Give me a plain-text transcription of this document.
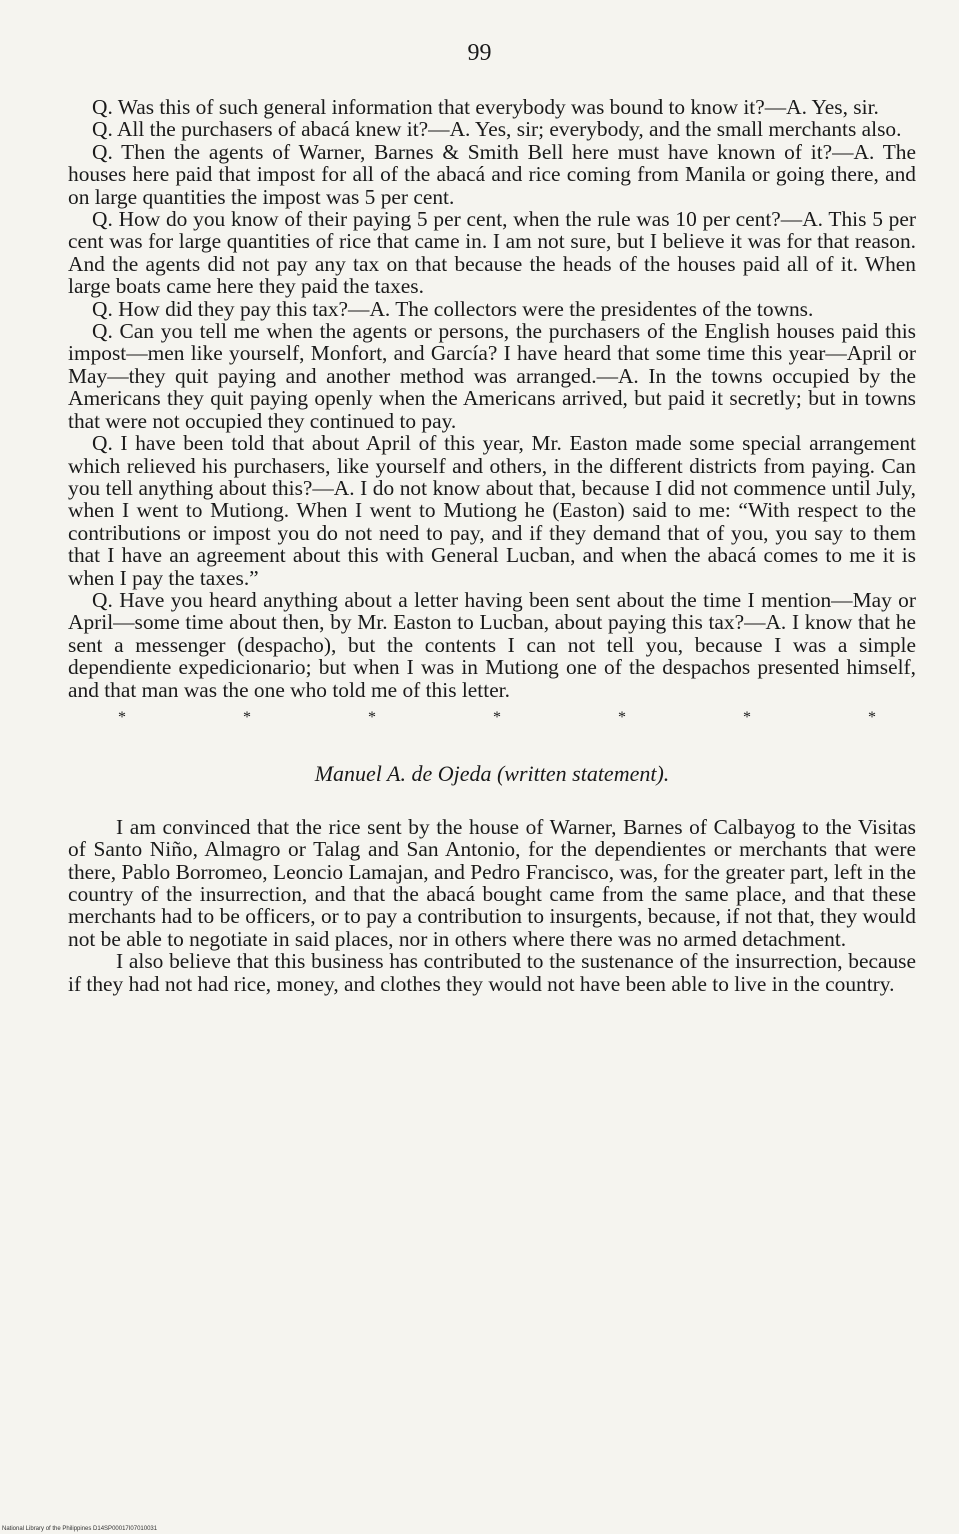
99

Q. Was this of such general information that everybody was bound to know it?—A. Yes, sir.

Q. All the purchasers of abacá knew it?—A. Yes, sir; everybody, and the small merchants also.

Q. Then the agents of Warner, Barnes & Smith Bell here must have known of it?—A. The houses here paid that impost for all of the abacá and rice coming from Manila or going there, and on large quantities the impost was 5 per cent.

Q. How do you know of their paying 5 per cent, when the rule was 10 per cent?—A. This 5 per cent was for large quantities of rice that came in. I am not sure, but I believe it was for that reason. And the agents did not pay any tax on that because the heads of the houses paid all of it. When large boats came here they paid the taxes.

Q. How did they pay this tax?—A. The collectors were the presidentes of the towns.

Q. Can you tell me when the agents or persons, the purchasers of the English houses paid this impost—men like yourself, Monfort, and García? I have heard that some time this year—April or May—they quit paying and another method was arranged.—A. In the towns occupied by the Americans they quit paying openly when the Americans arrived, but paid it secretly; but in towns that were not occupied they continued to pay.

Q. I have been told that about April of this year, Mr. Easton made some special arrangement which relieved his purchasers, like yourself and others, in the different districts from paying. Can you tell anything about this?—A. I do not know about that, because I did not commence until July, when I went to Mutiong. When I went to Mutiong he (Easton) said to me: “With respect to the contributions or impost you do not need to pay, and if they demand that of you, you say to them that I have an agreement about this with General Lucban, and when the abacá comes to me it is when I pay the taxes.”

Q. Have you heard anything about a letter having been sent about the time I mention—May or April—some time about then, by Mr. Easton to Lucban, about paying this tax?—A. I know that he sent a messenger (despacho), but the contents I can not tell you, because I was a simple dependiente expedicionario; but when I was in Mutiong one of the despachos presented himself, and that man was the one who told me of this letter.

*	*	*	*	*	*	*
Manuel A. de Ojeda (written statement).

I am convinced that the rice sent by the house of Warner, Barnes of Calbayog to the Visitas of Santo Niño, Almagro or Talag and San Antonio, for the dependientes or merchants that were there, Pablo Borromeo, Leoncio Lamajan, and Pedro Francisco, was, for the greater part, left in the country of the insurrection, and that the abacá bought came from the same place, and that these merchants had to be officers, or to pay a contribution to insurgents, because, if not that, they would not be able to negotiate in said places, nor in others where there was no armed detachment.

I also believe that this business has contributed to the sustenance of the insurrection, because if they had not had rice, money, and clothes they would not have been able to live in the country.

National Library of the Philippines D14SP00017I07010031
